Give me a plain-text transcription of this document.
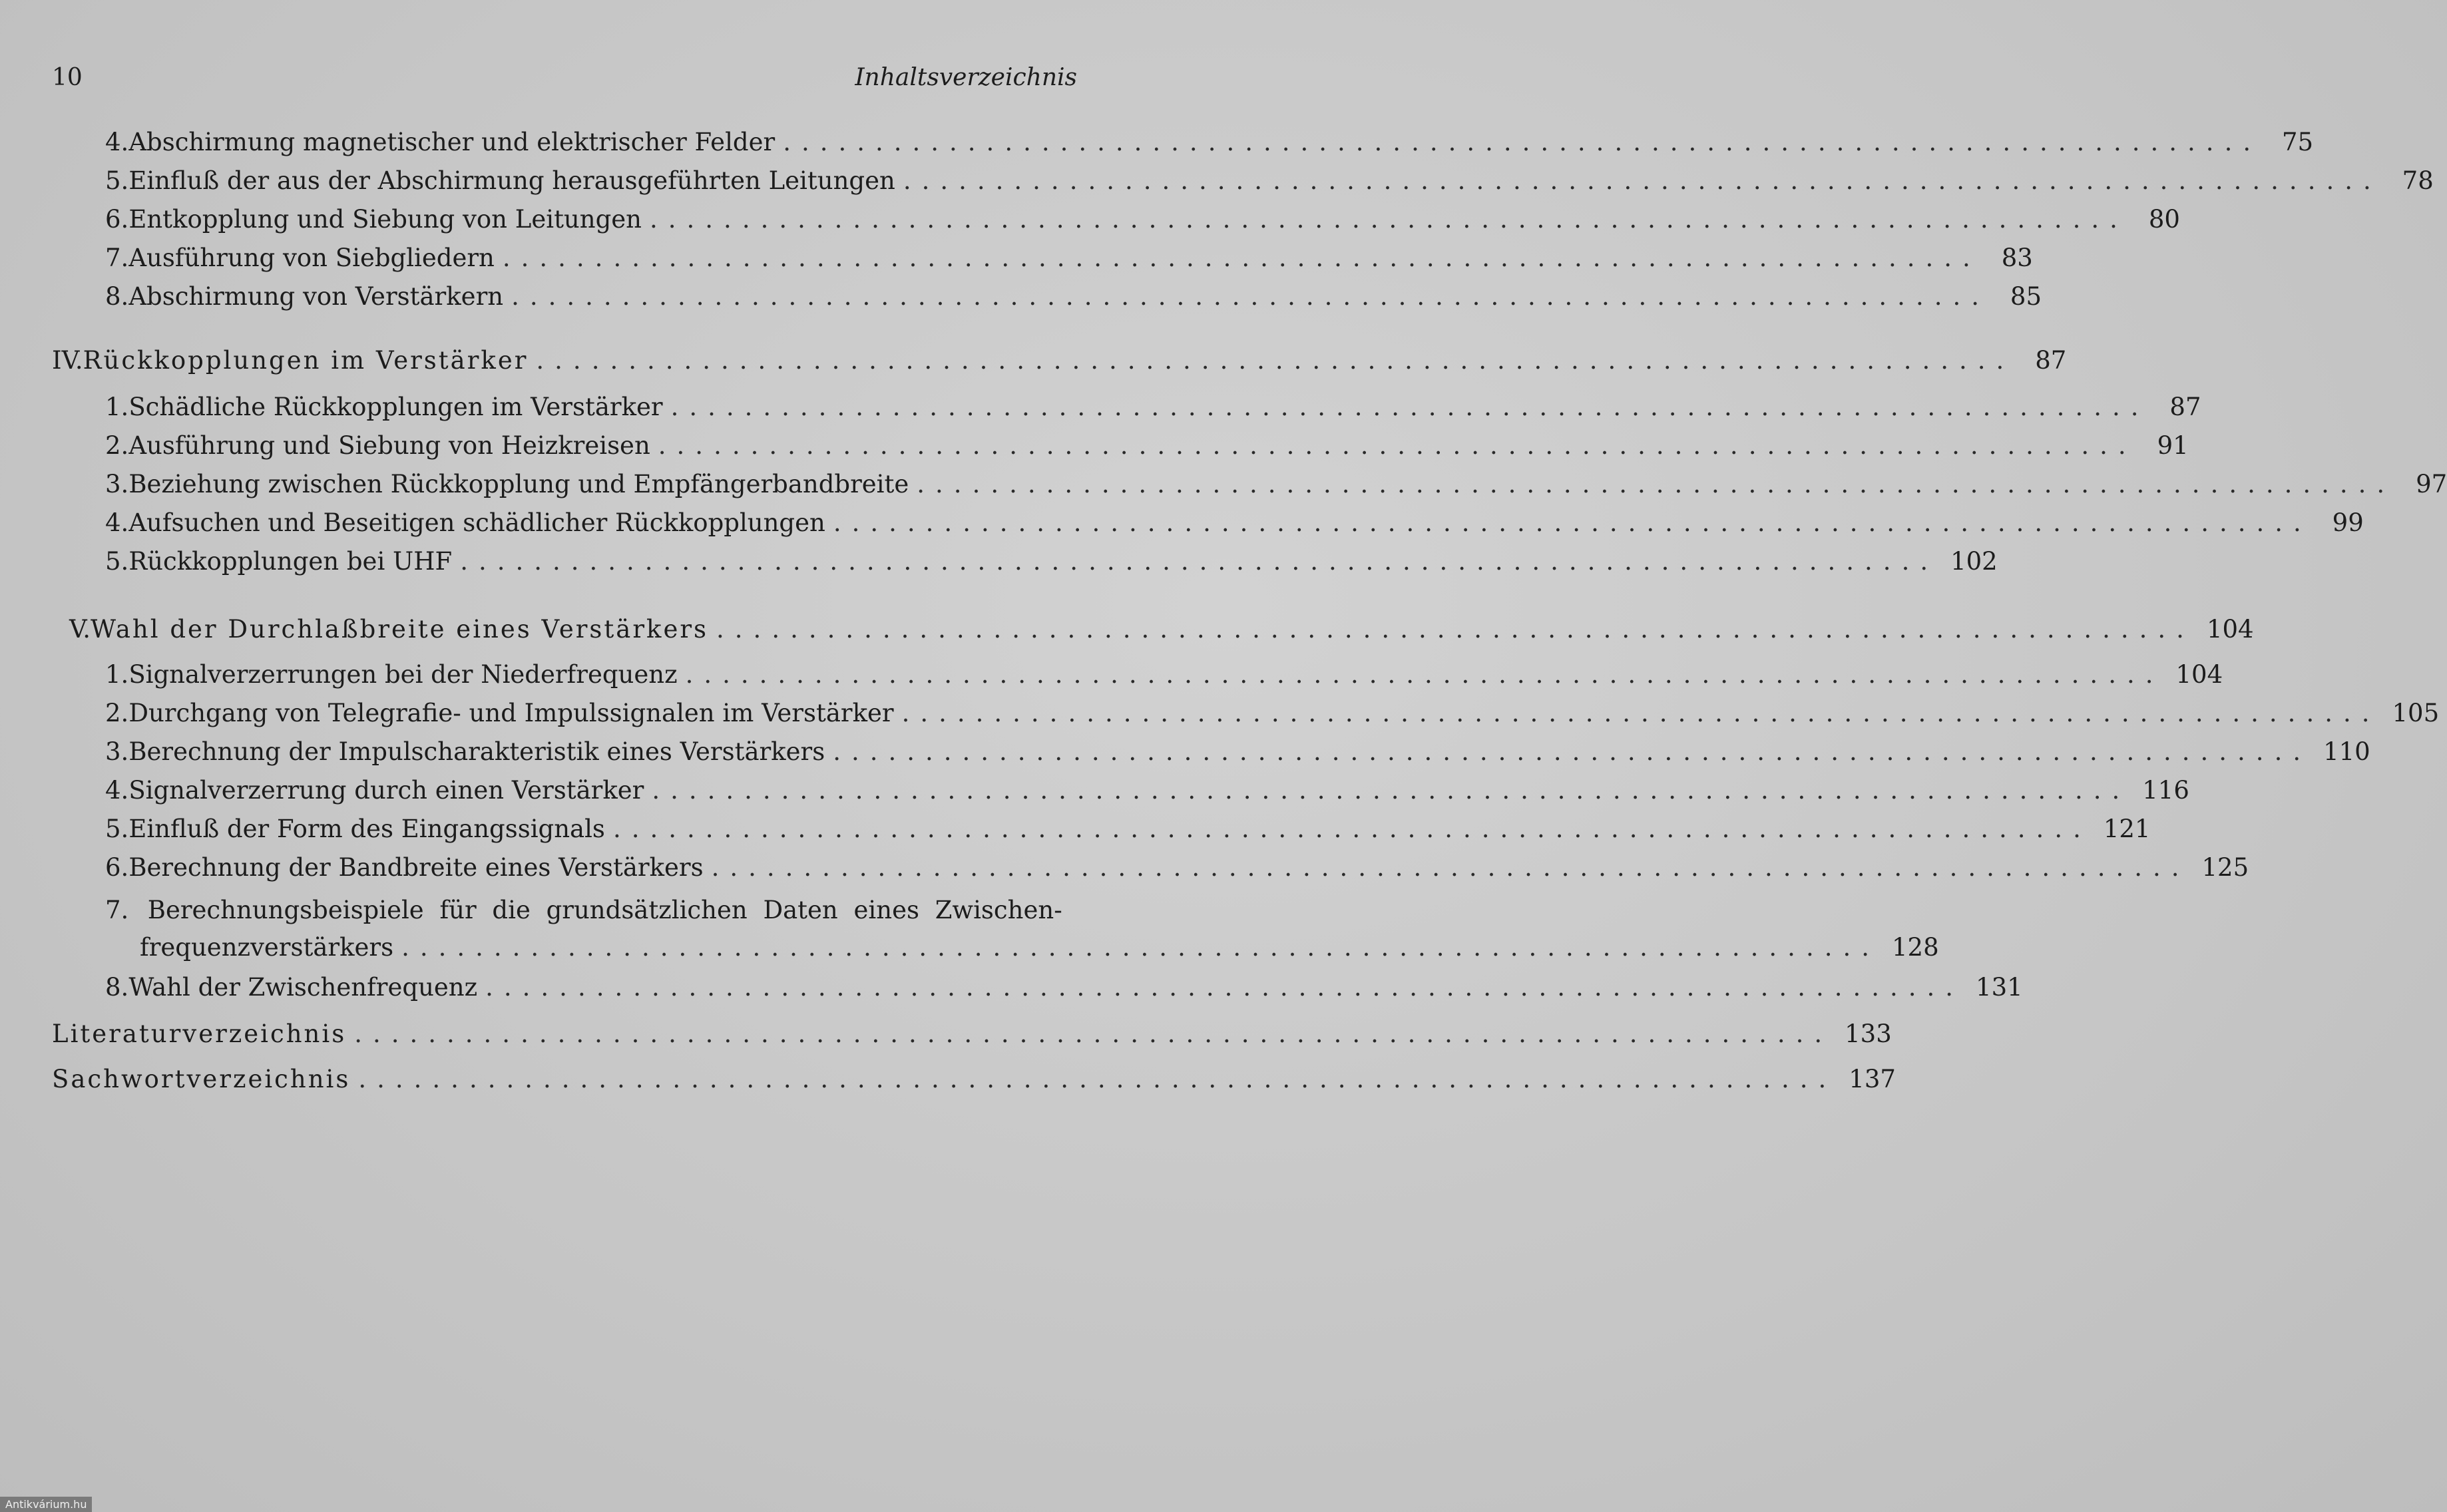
10	Inhaltsverzeichnis
4. Abschirmung magnetischer und elektrischer Felder ................................................................................ 75
5. Einfluß der aus der Abschirmung herausgeführten Leitungen ................................................................................ 78
6. Entkopplung und Siebung von Leitungen ................................................................................ 80
7. Ausführung von Siebgliedern ................................................................................ 83
8. Abschirmung von Verstärkern ................................................................................ 85
IV. Rückkopplungen im Verstärker ................................................................................ 87
1. Schädliche Rückkopplungen im Verstärker ................................................................................ 87
2. Ausführung und Siebung von Heizkreisen ................................................................................ 91
3. Beziehung zwischen Rückkopplung und Empfängerbandbreite ................................................................................ 97
4. Aufsuchen und Beseitigen schädlicher Rückkopplungen ................................................................................ 99
5. Rückkopplungen bei UHF ................................................................................ 102
V. Wahl der Durchlaßbreite eines Verstärkers ................................................................................ 104
1. Signalverzerrungen bei der Niederfrequenz ................................................................................ 104
2. Durchgang von Telegrafie- und Impulssignalen im Verstärker ................................................................................ 105
3. Berechnung der Impulscharakteristik eines Verstärkers ................................................................................ 110
4. Signalverzerrung durch einen Verstärker ................................................................................ 116
5. Einfluß der Form des Eingangssignals ................................................................................ 121
6. Berechnung der Bandbreite eines Verstärkers ................................................................................ 125
7. Berechnungsbeispiele für die grundsätzlichen Daten eines Zwischen-
frequenzverstärkers ................................................................................ 128
8. Wahl der Zwischenfrequenz ................................................................................ 131
Literaturverzeichnis ................................................................................ 133
Sachwortverzeichnis ................................................................................ 137
Antikvárium.hu
